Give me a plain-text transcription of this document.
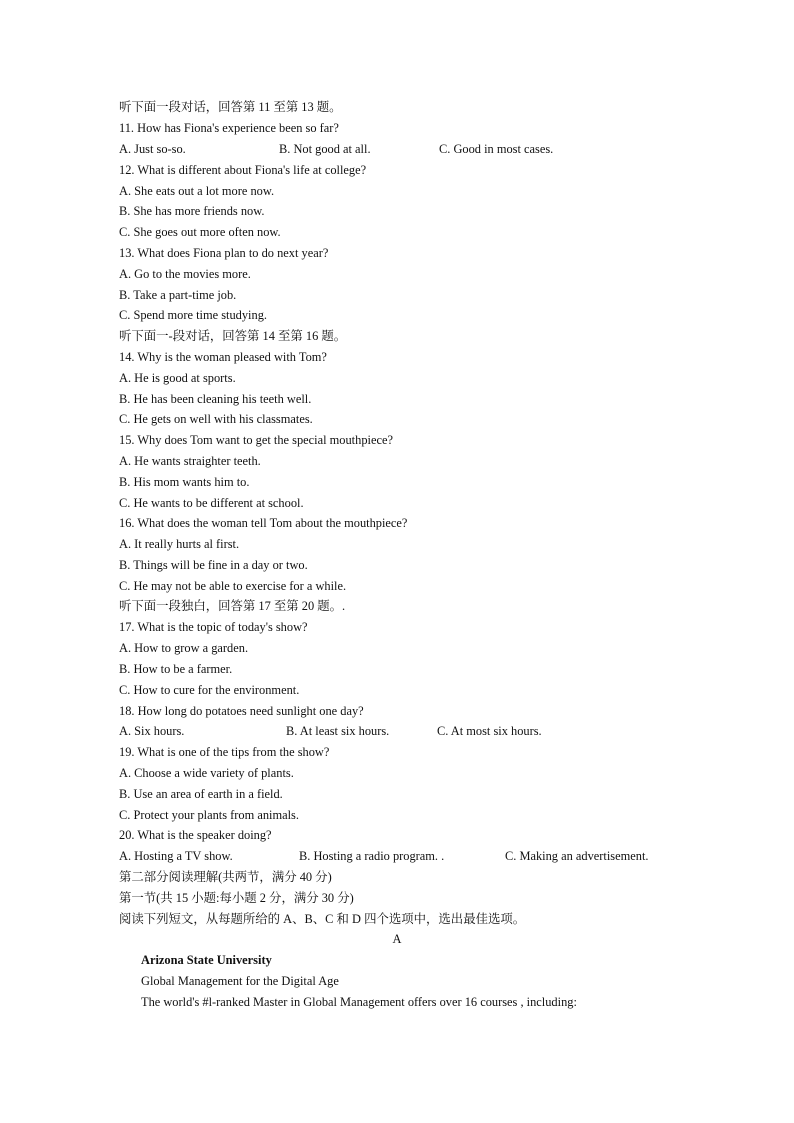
听下面一段对话，回答第 11 至第 13 题。
11. How has Fiona's experience been so far?
A. Just so-so.	B. Not good at all.	C. Good in most cases.
12. What is different about Fiona's life at college?
A. She eats out a lot more now.
B. She has more friends now.
C. She goes out more often now.
13. What does Fiona plan to do next year?
A. Go to the movies more.
B. Take a part-time job.
C. Spend more time studying.
听下面一-段对话，回答第 14 至第 16 题。
14. Why is the woman pleased with Tom?
A. He is good at sports.
B. He has been cleaning his teeth well.
C. He gets on well with his classmates.
15. Why does Tom want to get the special mouthpiece?
A. He wants straighter teeth.
B. His mom wants him to.
C. He wants to be different at school.
16. What does the woman tell Tom about the mouthpiece?
A. It really hurts al first.
B. Things will be fine in a day or two.
C. He may not be able to exercise for a while.
听下面一段独白，回答第 17 至第 20 题。.
17. What is the topic of today's show?
A. How to grow a garden.
B. How to be a farmer.
C. How to cure for the environment.
18. How long do potatoes need sunlight one day?
A. Six hours.	B. At least six hours.	C. At most six hours.
19. What is one of the tips from the show?
A. Choose a wide variety of plants.
B. Use an area of earth in a field.
C. Protect your plants from animals.
20. What is the speaker doing?
A. Hosting a TV show.	B. Hosting a radio program. .	C. Making an advertisement.
第二部分阅读理解(共两节，满分 40 分)
第一节(共 15 小题:每小题 2 分，满分 30 分)
阅读下列短文，从每题所给的 A、B、C 和 D 四个选项中，选出最佳选项。
A
Arizona State University
Global Management for the Digital Age
The world's #l-ranked Master in Global Management offers over 16 courses , including:
